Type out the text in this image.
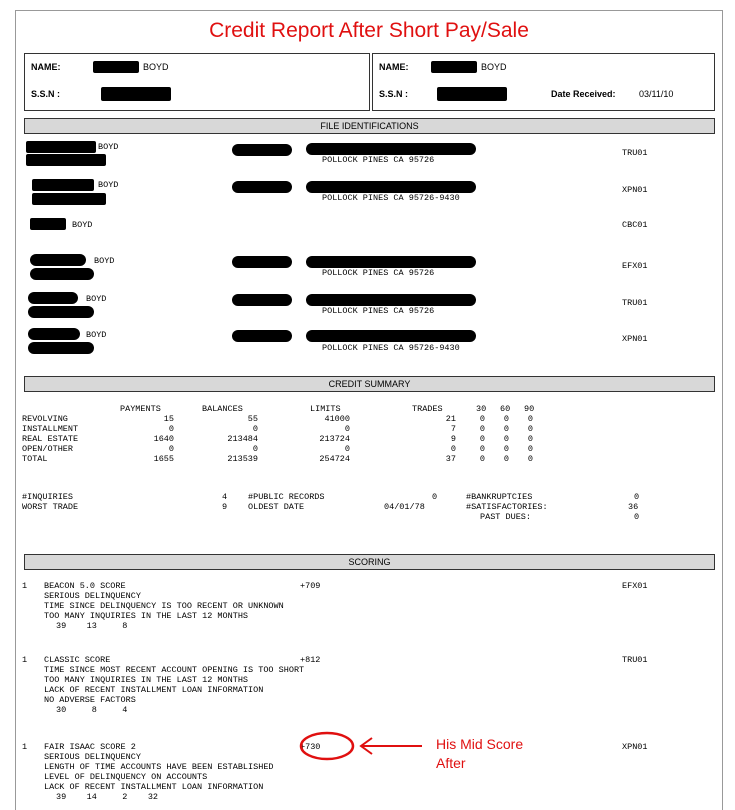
Credit Report After Short Pay/Sale
NAME:	BOYD
S.S.N :
NAME:	BOYD
S.S.N :	Date Received:	03/11/10
FILE IDENTIFICATIONS
BOYD
POLLOCK PINES CA 95726
TRU01
BOYD
POLLOCK PINES CA 95726-9430
XPN01
BOYD	CBC01
BOYD
POLLOCK PINES CA 95726
EFX01
BOYD
POLLOCK PINES CA 95726
TRU01
BOYD
POLLOCK PINES CA 95726-9430
XPN01
CREDIT SUMMARY
PAYMENTS	BALANCES	LIMITS	TRADES	30 60 90
REVOLVING	15	55	41000	21	0 0 0
INSTALLMENT	0	0	0	7	0 0 0
REAL ESTATE	1640	213484	213724	9	0 0 0
OPEN/OTHER	0	0	0	0	0 0 0
TOTAL	1655	213539	254724	37	0 0 0
#INQUIRIES	4 #PUBLIC RECORDS	0	#BANKRUPTCIES	0
WORST TRADE	9 OLDEST DATE	04/01/78	#SATISFACTORIES:	36
PAST DUES:	0
SCORING
1 BEACON 5.0 SCORE	+709	EFX01
SERIOUS DELINQUENCY
TIME SINCE DELINQUENCY IS TOO RECENT OR UNKNOWN
TOO MANY INQUIRIES IN THE LAST 12 MONTHS
39    13     8
1 CLASSIC SCORE	+812	TRU01
TIME SINCE MOST RECENT ACCOUNT OPENING IS TOO SHORT
TOO MANY INQUIRIES IN THE LAST 12 MONTHS
LACK OF RECENT INSTALLMENT LOAN INFORMATION
NO ADVERSE FACTORS
30     8     4
1 FAIR ISAAC SCORE 2	+730	XPN01
SERIOUS DELINQUENCY
LENGTH OF TIME ACCOUNTS HAVE BEEN ESTABLISHED
LEVEL OF DELINQUENCY ON ACCOUNTS
LACK OF RECENT INSTALLMENT LOAN INFORMATION
39    14     2    32
His Mid Score
After
